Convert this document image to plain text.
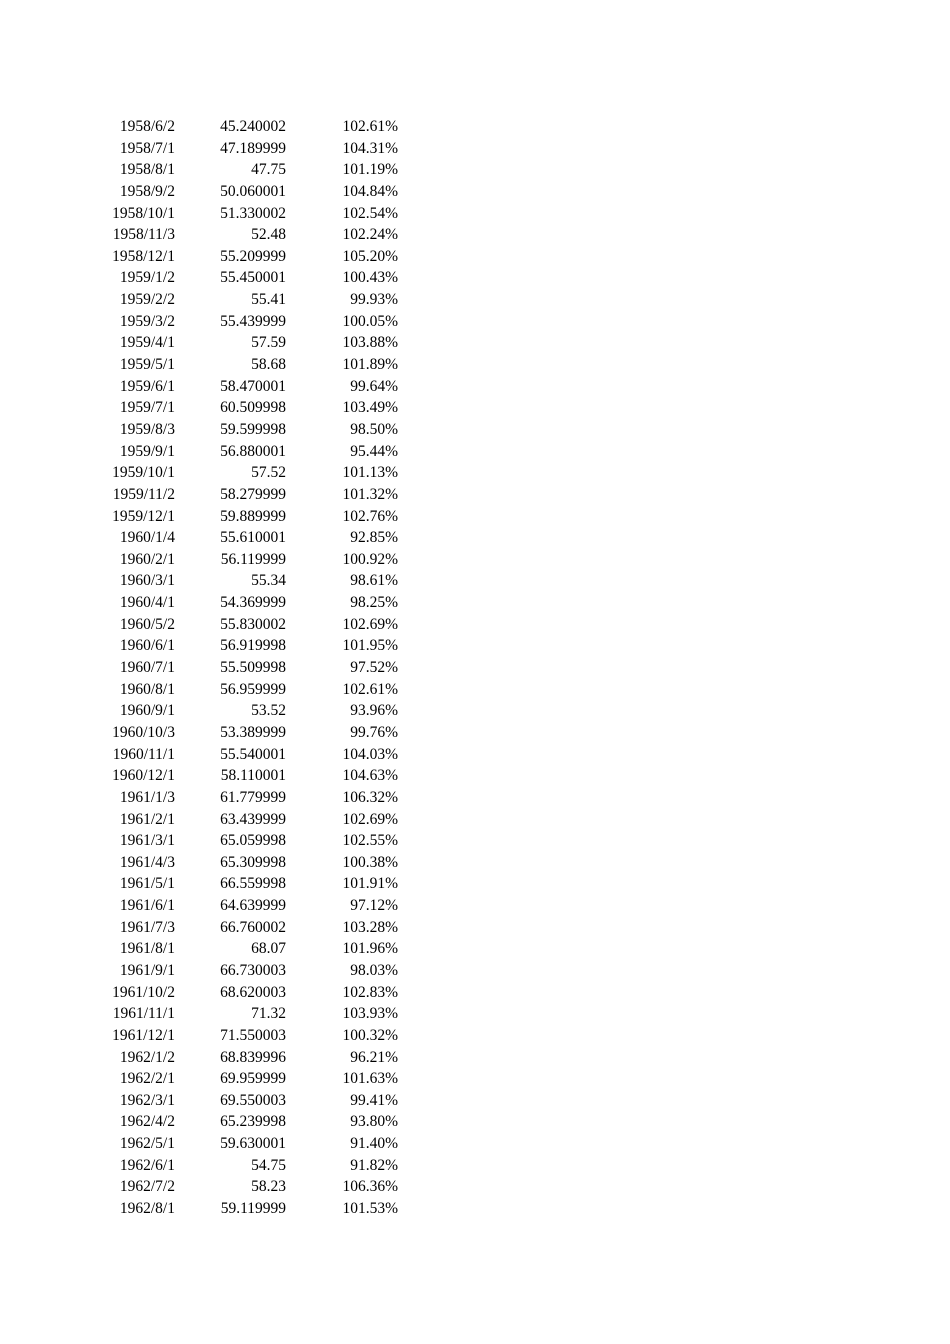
1958/6/2	45.240002	102.61%
1958/7/1	47.189999	104.31%
1958/8/1	47.75	101.19%
1958/9/2	50.060001	104.84%
1958/10/1	51.330002	102.54%
1958/11/3	52.48	102.24%
1958/12/1	55.209999	105.20%
1959/1/2	55.450001	100.43%
1959/2/2	55.41	99.93%
1959/3/2	55.439999	100.05%
1959/4/1	57.59	103.88%
1959/5/1	58.68	101.89%
1959/6/1	58.470001	99.64%
1959/7/1	60.509998	103.49%
1959/8/3	59.599998	98.50%
1959/9/1	56.880001	95.44%
1959/10/1	57.52	101.13%
1959/11/2	58.279999	101.32%
1959/12/1	59.889999	102.76%
1960/1/4	55.610001	92.85%
1960/2/1	56.119999	100.92%
1960/3/1	55.34	98.61%
1960/4/1	54.369999	98.25%
1960/5/2	55.830002	102.69%
1960/6/1	56.919998	101.95%
1960/7/1	55.509998	97.52%
1960/8/1	56.959999	102.61%
1960/9/1	53.52	93.96%
1960/10/3	53.389999	99.76%
1960/11/1	55.540001	104.03%
1960/12/1	58.110001	104.63%
1961/1/3	61.779999	106.32%
1961/2/1	63.439999	102.69%
1961/3/1	65.059998	102.55%
1961/4/3	65.309998	100.38%
1961/5/1	66.559998	101.91%
1961/6/1	64.639999	97.12%
1961/7/3	66.760002	103.28%
1961/8/1	68.07	101.96%
1961/9/1	66.730003	98.03%
1961/10/2	68.620003	102.83%
1961/11/1	71.32	103.93%
1961/12/1	71.550003	100.32%
1962/1/2	68.839996	96.21%
1962/2/1	69.959999	101.63%
1962/3/1	69.550003	99.41%
1962/4/2	65.239998	93.80%
1962/5/1	59.630001	91.40%
1962/6/1	54.75	91.82%
1962/7/2	58.23	106.36%
1962/8/1	59.119999	101.53%
